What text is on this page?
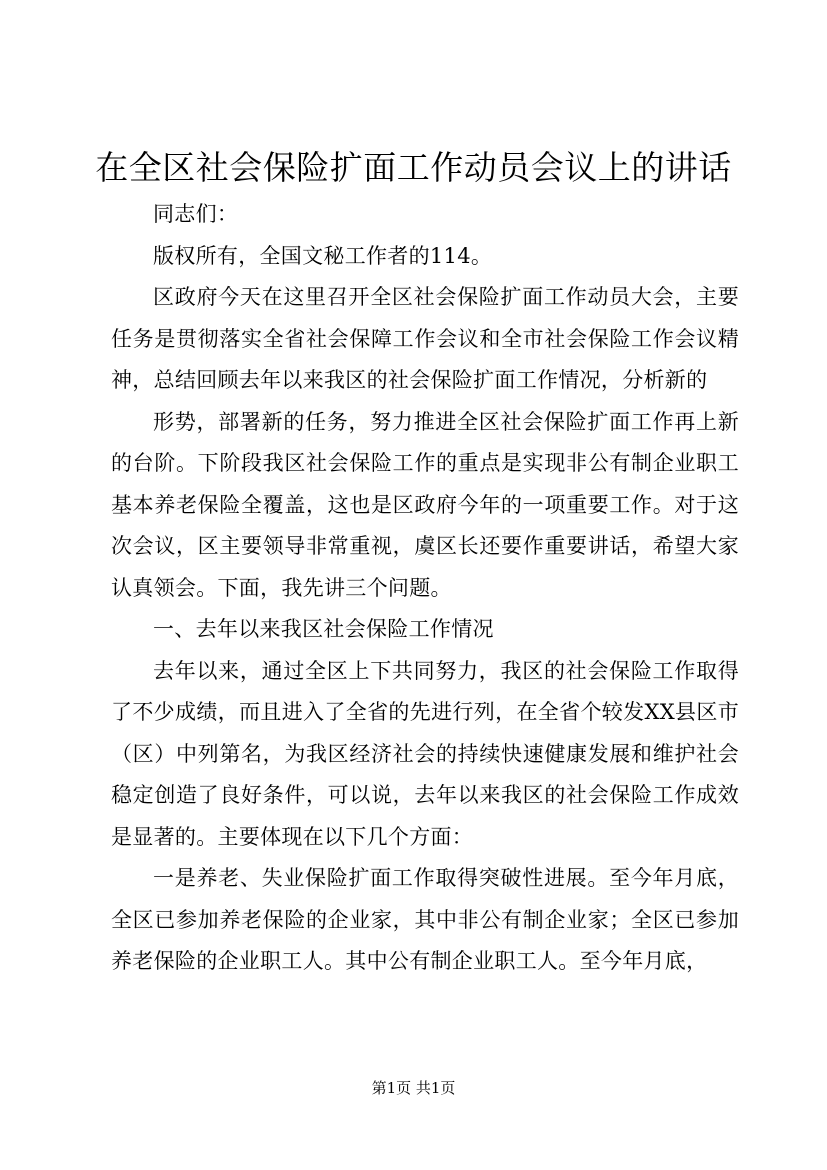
在全区社会保险扩面工作动员会议上的讲话

同志们：

版权所有，全国文秘工作者的114。

区政府今天在这里召开全区社会保险扩面工作动员大会，主要任务是贯彻落实全省社会保障工作会议和全市社会保险工作会议精神，总结回顾去年以来我区的社会保险扩面工作情况，分析新的

形势，部署新的任务，努力推进全区社会保险扩面工作再上新的台阶。下阶段我区社会保险工作的重点是实现非公有制企业职工基本养老保险全覆盖，这也是区政府今年的一项重要工作。对于这次会议，区主要领导非常重视，虞区长还要作重要讲话，希望大家认真领会。下面，我先讲三个问题。

一、去年以来我区社会保险工作情况

去年以来，通过全区上下共同努力，我区的社会保险工作取得了不少成绩，而且进入了全省的先进行列，在全省个较发XX县区市（区）中列第名，为我区经济社会的持续快速健康发展和维护社会稳定创造了良好条件，可以说，去年以来我区的社会保险工作成效是显著的。主要体现在以下几个方面：

一是养老、失业保险扩面工作取得突破性进展。至今年月底，全区已参加养老保险的企业家，其中非公有制企业家；全区已参加养老保险的企业职工人。其中公有制企业职工人。至今年月底，

第1页 共1页
